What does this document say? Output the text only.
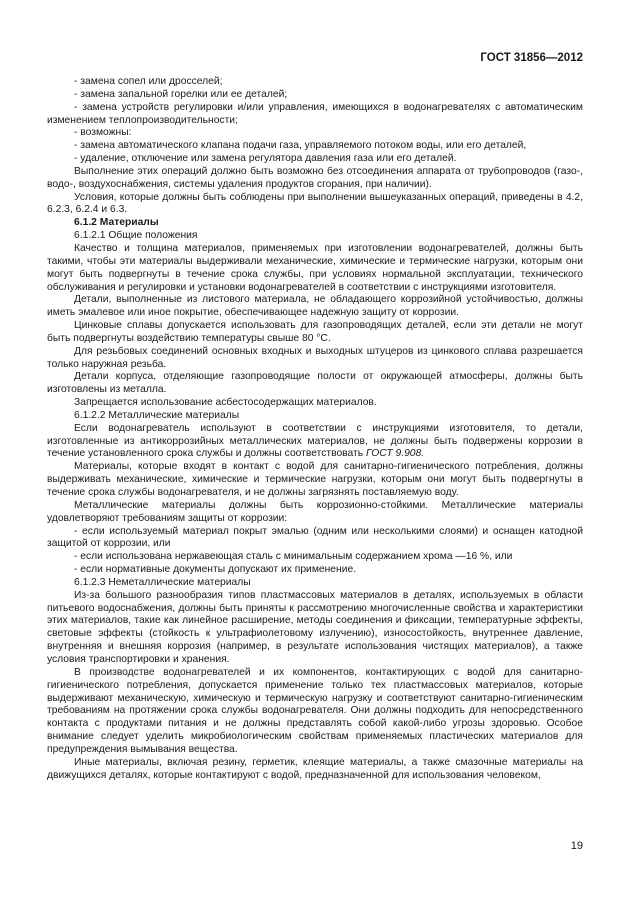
ГОСТ 31856—2012

- замена сопел или дросселей;

- замена запальной горелки или ее деталей;

- замена устройств регулировки и/или управления, имеющихся в водонагревателях с автоматическим изменением теплопроизводительности;

- возможны:

- замена автоматического клапана подачи газа, управляемого потоком воды, или его деталей,

- удаление, отключение или замена регулятора давления газа или его деталей.

Выполнение этих операций должно быть возможно без отсоединения аппарата от трубопроводов (газо-, водо-, воздухоснабжения, системы удаления продуктов сгорания, при наличии).

Условия, которые должны быть соблюдены при выполнении вышеуказанных операций, приведены в 4.2, 6.2.3, 6.2.4 и 6.3.

6.1.2 Материалы

6.1.2.1 Общие положения

Качество и толщина материалов, применяемых при изготовлении водонагревателей, должны быть такими, чтобы эти материалы выдерживали механические, химические и термические нагрузки, которым они могут быть подвергнуты в течение срока службы, при условиях нормальной эксплуатации, технического обслуживания и регулировки и установки водонагревателей в соответствии с инструкциями изготовителя.

Детали, выполненные из листового материала, не обладающего коррозийной устойчивостью, должны иметь эмалевое или иное покрытие, обеспечивающее надежную защиту от коррозии.

Цинковые сплавы допускается использовать для газопроводящих деталей, если эти детали не могут быть подвергнуты воздействию температуры свыше 80 °С.

Для резьбовых соединений основных входных и выходных штуцеров из цинкового сплава разрешается только наружная резьба.

Детали корпуса, отделяющие газопроводящие полости от окружающей атмосферы, должны быть изготовлены из металла.

Запрещается использование асбестосодержащих материалов.

6.1.2.2 Металлические материалы

Если водонагреватель используют в соответствии с инструкциями изготовителя, то детали, изготовленные из антикоррозийных металлических материалов, не должны быть подвержены коррозии в течение установленного срока службы и должны соответствовать ГОСТ 9.908.

Материалы, которые входят в контакт с водой для санитарно-гигиенического потребления, должны выдерживать механические, химические и термические нагрузки, которым они могут быть подвергнуты в течение срока службы водонагревателя, и не должны загрязнять поставляемую воду.

Металлические материалы должны быть коррозионно-стойкими. Металлические материалы удовлетворяют требованиям защиты от коррозии:

- если используемый материал покрыт эмалью (одним или несколькими слоями) и оснащен катодной защитой от коррозии, или

- если использована нержавеющая сталь с минимальным содержанием хрома —16 %, или

- если нормативные документы допускают их применение.

6.1.2.3 Неметаллические материалы

Из-за большого разнообразия типов пластмассовых материалов в деталях, используемых в области питьевого водоснабжения, должны быть приняты к рассмотрению многочисленные свойства и характеристики этих материалов, такие как линейное расширение, методы соединения и фиксации, температурные эффекты, световые эффекты (стойкость к ультрафиолетовому излучению), износостойкость, внутреннее давление, внутренняя и внешняя коррозия (например, в результате использования чистящих материалов), а также условия транспортировки и хранения.

В производстве водонагревателей и их компонентов, контактирующих с водой для санитарно-гигиенического потребления, допускается применение только тех пластмассовых материалов, которые выдерживают механическую, химическую и термическую нагрузку и соответствуют санитарно-гигиеническим требованиям на протяжении срока службы водонагревателя. Они должны подходить для непосредственного контакта с продуктами питания и не должны представлять собой какой-либо угрозы здоровью. Особое внимание следует уделить микробиологическим свойствам применяемых пластических материалов для предупреждения вымывания вещества.

Иные материалы, включая резину, герметик, клеящие материалы, а также смазочные материалы на движущихся деталях, которые контактируют с водой, предназначенной для использования человеком,

19
